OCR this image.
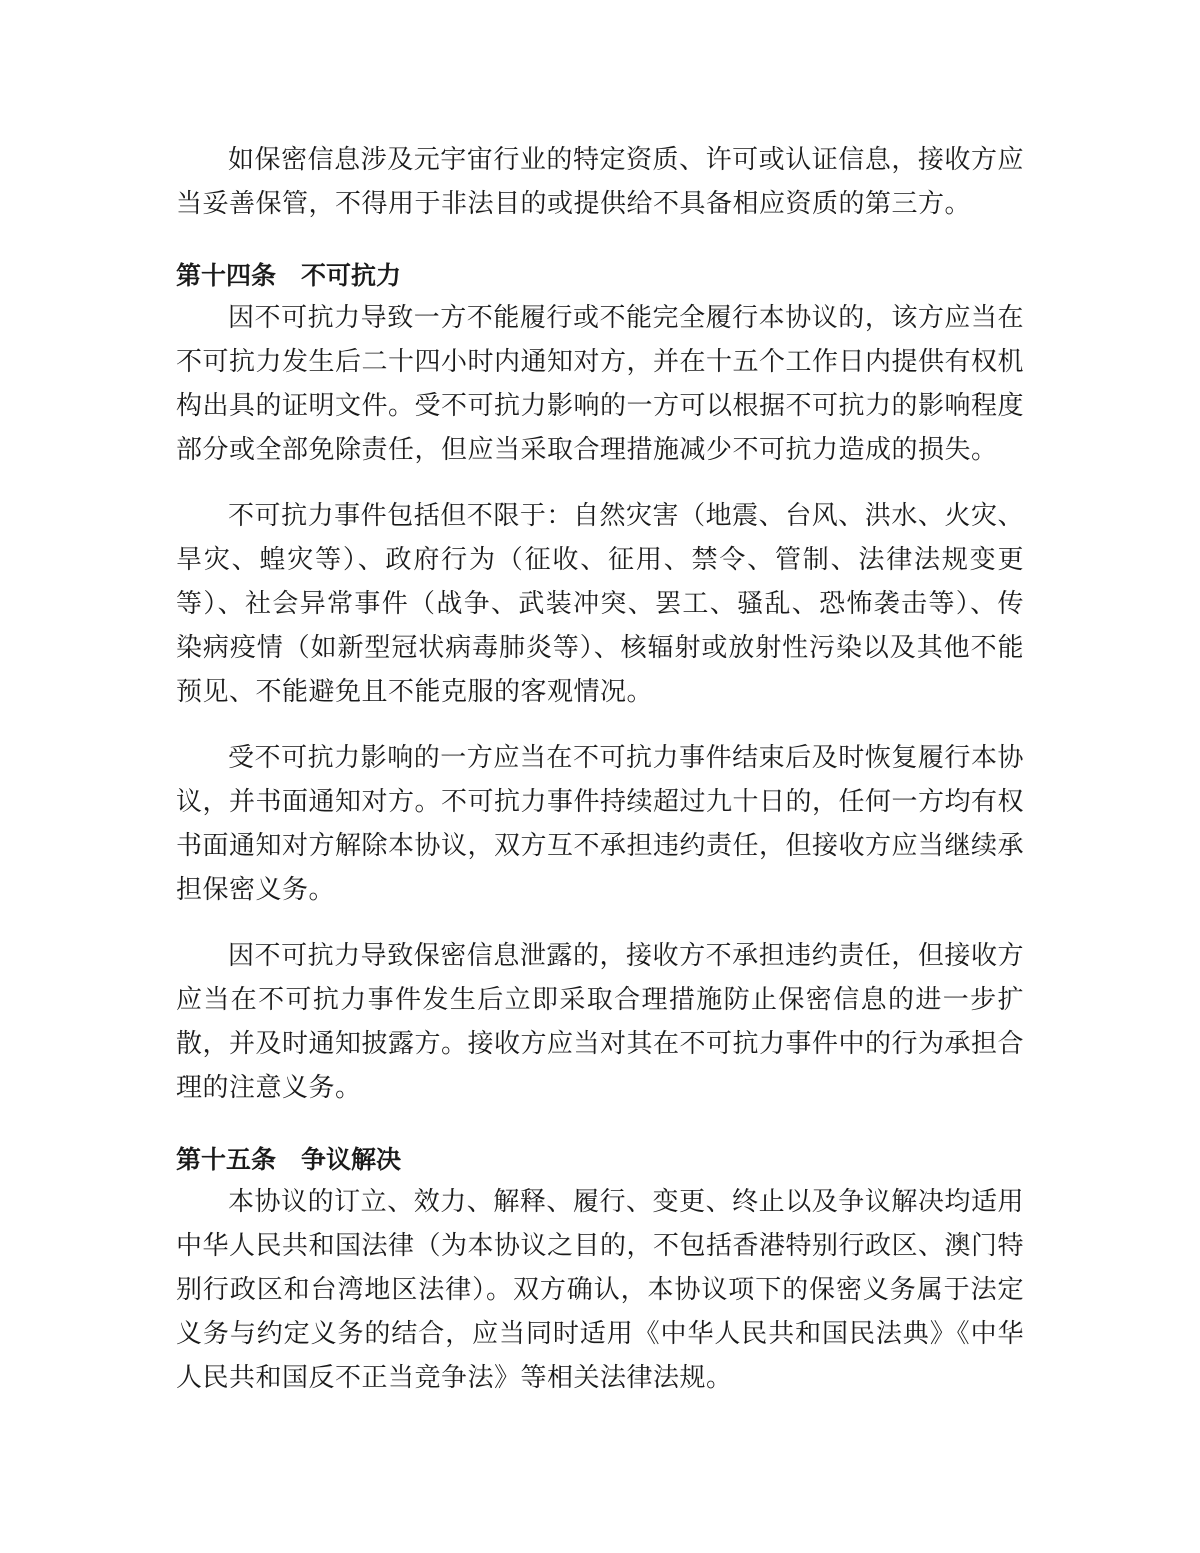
如保密信息涉及元宇宙行业的特定资质、许可或认证信息，接收方应当妥善保管，不得用于非法目的或提供给不具备相应资质的第三方。

第十四条　不可抗力

因不可抗力导致一方不能履行或不能完全履行本协议的，该方应当在不可抗力发生后二十四小时内通知对方，并在十五个工作日内提供有权机构出具的证明文件。受不可抗力影响的一方可以根据不可抗力的影响程度部分或全部免除责任，但应当采取合理措施减少不可抗力造成的损失。

不可抗力事件包括但不限于：自然灾害（地震、台风、洪水、火灾、旱灾、蝗灾等）、政府行为（征收、征用、禁令、管制、法律法规变更等）、社会异常事件（战争、武装冲突、罢工、骚乱、恐怖袭击等）、传染病疫情（如新型冠状病毒肺炎等）、核辐射或放射性污染以及其他不能预见、不能避免且不能克服的客观情况。

受不可抗力影响的一方应当在不可抗力事件结束后及时恢复履行本协议，并书面通知对方。不可抗力事件持续超过九十日的，任何一方均有权书面通知对方解除本协议，双方互不承担违约责任，但接收方应当继续承担保密义务。

因不可抗力导致保密信息泄露的，接收方不承担违约责任，但接收方应当在不可抗力事件发生后立即采取合理措施防止保密信息的进一步扩散，并及时通知披露方。接收方应当对其在不可抗力事件中的行为承担合理的注意义务。

第十五条　争议解决

本协议的订立、效力、解释、履行、变更、终止以及争议解决均适用中华人民共和国法律（为本协议之目的，不包括香港特别行政区、澳门特别行政区和台湾地区法律）。双方确认，本协议项下的保密义务属于法定义务与约定义务的结合，应当同时适用《中华人民共和国民法典》《中华人民共和国反不正当竞争法》等相关法律法规。
